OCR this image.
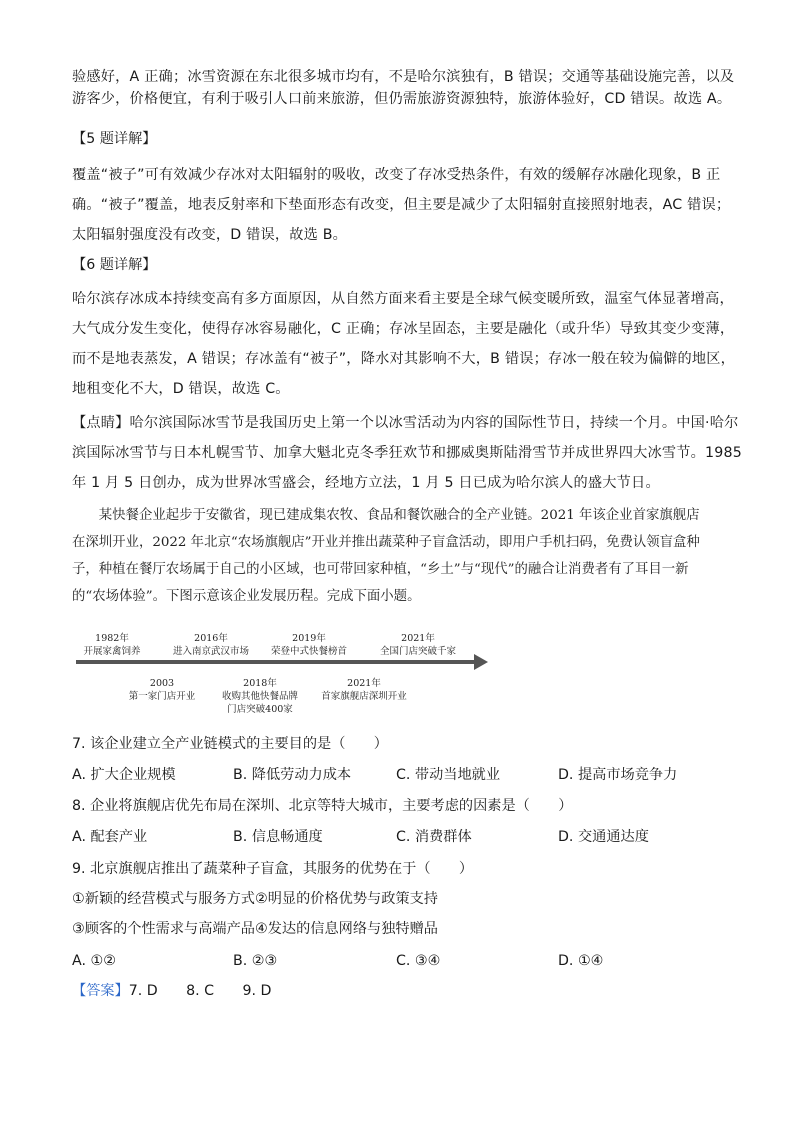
验感好，A 正确；冰雪资源在东北很多城市均有，不是哈尔滨独有，B 错误；交通等基础设施完善，以及
游客少，价格便宜，有利于吸引人口前来旅游，但仍需旅游资源独特，旅游体验好，CD 错误。故选 A。
【5 题详解】
覆盖“被子”可有效减少存冰对太阳辐射的吸收，改变了存冰受热条件，有效的缓解存冰融化现象，B 正
确。“被子”覆盖，地表反射率和下垫面形态有改变，但主要是减少了太阳辐射直接照射地表，AC 错误；
太阳辐射强度没有改变，D 错误，故选 B。
【6 题详解】
哈尔滨存冰成本持续变高有多方面原因，从自然方面来看主要是全球气候变暖所致，温室气体显著增高，
大气成分发生变化，使得存冰容易融化，C 正确；存冰呈固态，主要是融化（或升华）导致其变少变薄，
而不是地表蒸发，A 错误；存冰盖有“被子”，降水对其影响不大，B 错误；存冰一般在较为偏僻的地区，
地租变化不大，D 错误，故选 C。
【点睛】哈尔滨国际冰雪节是我国历史上第一个以冰雪活动为内容的国际性节日，持续一个月。中国·哈尔
滨国际冰雪节与日本札幌雪节、加拿大魁北克冬季狂欢节和挪威奥斯陆滑雪节并成世界四大冰雪节。1985
年 1 月 5 日创办，成为世界冰雪盛会，经地方立法，1 月 5 日已成为哈尔滨人的盛大节日。
　　某快餐企业起步于安徽省，现已建成集农牧、食品和餐饮融合的全产业链。2021 年该企业首家旗舰店
在深圳开业，2022 年北京“农场旗舰店”开业并推出蔬菜种子盲盒活动，即用户手机扫码，免费认领盲盒种
子，种植在餐厅农场属于自己的小区域，也可带回家种植，“乡土”与“现代”的融合让消费者有了耳目一新
的“农场体验”。下图示意该企业发展历程。完成下面小题。
1982年
开展家禽饲养
2016年
进入南京武汉市场
2019年
荣登中式快餐榜首
2021年
全国门店突破千家
2003
第一家门店开业
2018年
收购其他快餐品牌
门店突破400家
2021年
首家旗舰店深圳开业
7. 该企业建立全产业链模式的主要目的是（　　）
A. 扩大企业规模	B. 降低劳动力成本	C. 带动当地就业	D. 提高市场竞争力
8. 企业将旗舰店优先布局在深圳、北京等特大城市，主要考虑的因素是（　　）
A. 配套产业	B. 信息畅通度	C. 消费群体	D. 交通通达度
9. 北京旗舰店推出了蔬菜种子盲盒，其服务的优势在于（　　）
①新颖的经营模式与服务方式②明显的价格优势与政策支持
③顾客的个性需求与高端产品④发达的信息网络与独特赠品
A. ①②	B. ②③	C. ③④	D. ①④
【答案】7. D　　8. C　　9. D
